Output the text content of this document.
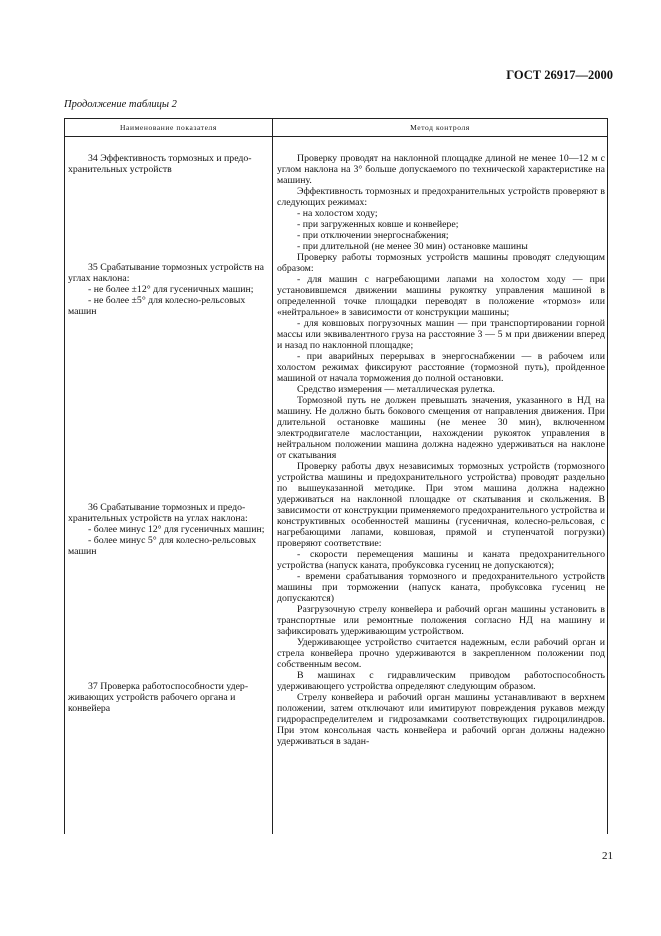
ГОСТ 26917—2000
Продолжение таблицы 2
Наименование показателя	Метод контроля

34 Эффективность тормозных и предохранительных устройств

35 Срабатывание тормозных устройств на углах наклона:

- не более ±12° для гусеничных машин;

- не более ±5° для колесно-рельсовых машин

36 Срабатывание тормозных и предохранительных устройств на углах наклона:

- более минус 12° для гусеничных машин;

- более минус 5° для колесно-рельсовых машин

37 Проверка работоспособности удерживающих устройств рабочего органа и конвейера

Проверку проводят на наклонной площадке длиной не менее 10—12 м с углом наклона на 3° больше допускаемого по технической характеристике на машину.

Эффективность тормозных и предохранительных устройств проверяют в следующих режимах:

- на холостом ходу;

- при загруженных ковше и конвейере;

- при отключении энергоснабжения;

- при длительной (не менее 30 мин) остановке машины

Проверку работы тормозных устройств машины проводят следующим образом:

- для машин с нагребающими лапами на холостом ходу — при установившемся движении машины рукоятку управления машиной в определенной точке площадки переводят в положение «тормоз» или «нейтральное» в зависимости от конструкции машины;

- для ковшовых погрузочных машин — при транспортировании горной массы или эквивалентного груза на расстояние 3 — 5 м при движении вперед и назад по наклонной площадке;

- при аварийных перерывах в энергоснабжении — в рабочем или холостом режимах фиксируют расстояние (тормозной путь), пройденное машиной от начала торможения до полной остановки.

Средство измерения — металлическая рулетка.

Тормозной путь не должен превышать значения, указанного в НД на машину. Не должно быть бокового смещения от направления движения. При длительной остановке машины (не менее 30 мин), включенном электродвигателе маслостанции, нахождении рукояток управления в нейтральном положении машина должна надежно удерживаться на наклоне от скатывания

Проверку работы двух независимых тормозных устройств (тормозного устройства машины и предохранительного устройства) проводят раздельно по вышеуказанной методике. При этом машина должна надежно удерживаться на наклонной площадке от скатывания и скольжения. В зависимости от конструкции применяемого предохранительного устройства и конструктивных особенностей машины (гусеничная, колесно-рельсовая, с нагребающими лапами, ковшовая, прямой и ступенчатой погрузки) проверяют соответствие:

- скорости перемещения машины и каната предохранительного устройства (напуск каната, пробуксовка гусениц не допускаются);

- времени срабатывания тормозного и предохранительного устройств машины при торможении (напуск каната, пробуксовка гусениц не допускаются)

Разгрузочную стрелу конвейера и рабочий орган машины установить в транспортные или ремонтные положения согласно НД на машину и зафиксировать удерживающим устройством.

Удерживающее устройство считается надежным, если рабочий орган и стрела конвейера прочно удерживаются в закрепленном положении под собственным весом.

В машинах с гидравлическим приводом работоспособность удерживающего устройства определяют следующим образом.

Стрелу конвейера и рабочий орган машины устанавливают в верхнем положении, затем отключают или имитируют повреждения рукавов между гидрораспределителем и гидрозамками соответствующих гидроцилиндров. При этом консольная часть конвейера и рабочий орган должны надежно удерживаться в задан-

21
